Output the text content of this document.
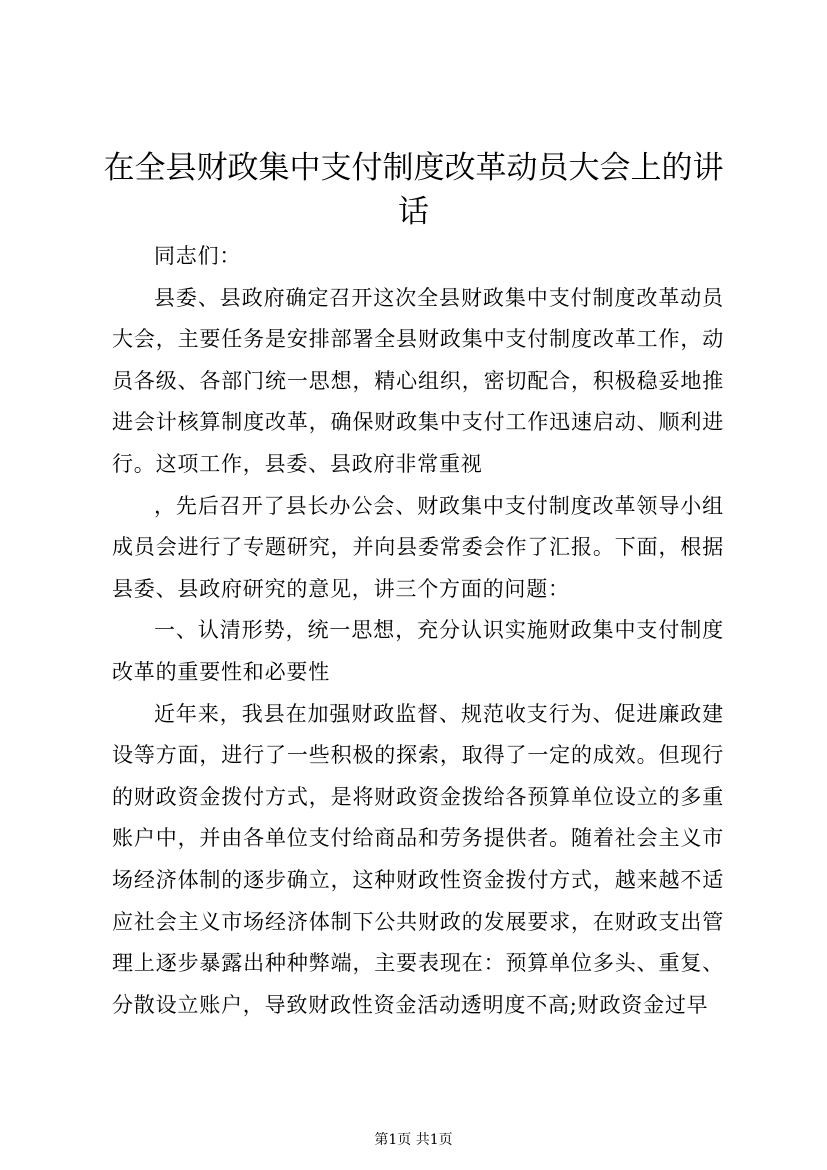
在全县财政集中支付制度改革动员大会上的讲话

同志们：

县委、县政府确定召开这次全县财政集中支付制度改革动员大会，主要任务是安排部署全县财政集中支付制度改革工作，动员各级、各部门统一思想，精心组织，密切配合，积极稳妥地推进会计核算制度改革，确保财政集中支付工作迅速启动、顺利进行。这项工作，县委、县政府非常重视

，先后召开了县长办公会、财政集中支付制度改革领导小组成员会进行了专题研究，并向县委常委会作了汇报。下面，根据县委、县政府研究的意见，讲三个方面的问题：

一、认清形势，统一思想，充分认识实施财政集中支付制度改革的重要性和必要性

近年来，我县在加强财政监督、规范收支行为、促进廉政建设等方面，进行了一些积极的探索，取得了一定的成效。但现行的财政资金拨付方式，是将财政资金拨给各预算单位设立的多重账户中，并由各单位支付给商品和劳务提供者。随着社会主义市场经济体制的逐步确立，这种财政性资金拨付方式，越来越不适应社会主义市场经济体制下公共财政的发展要求，在财政支出管理上逐步暴露出种种弊端，主要表现在：预算单位多头、重复、分散设立账户，导致财政性资金活动透明度不高;财政资金过早

第1页 共1页
